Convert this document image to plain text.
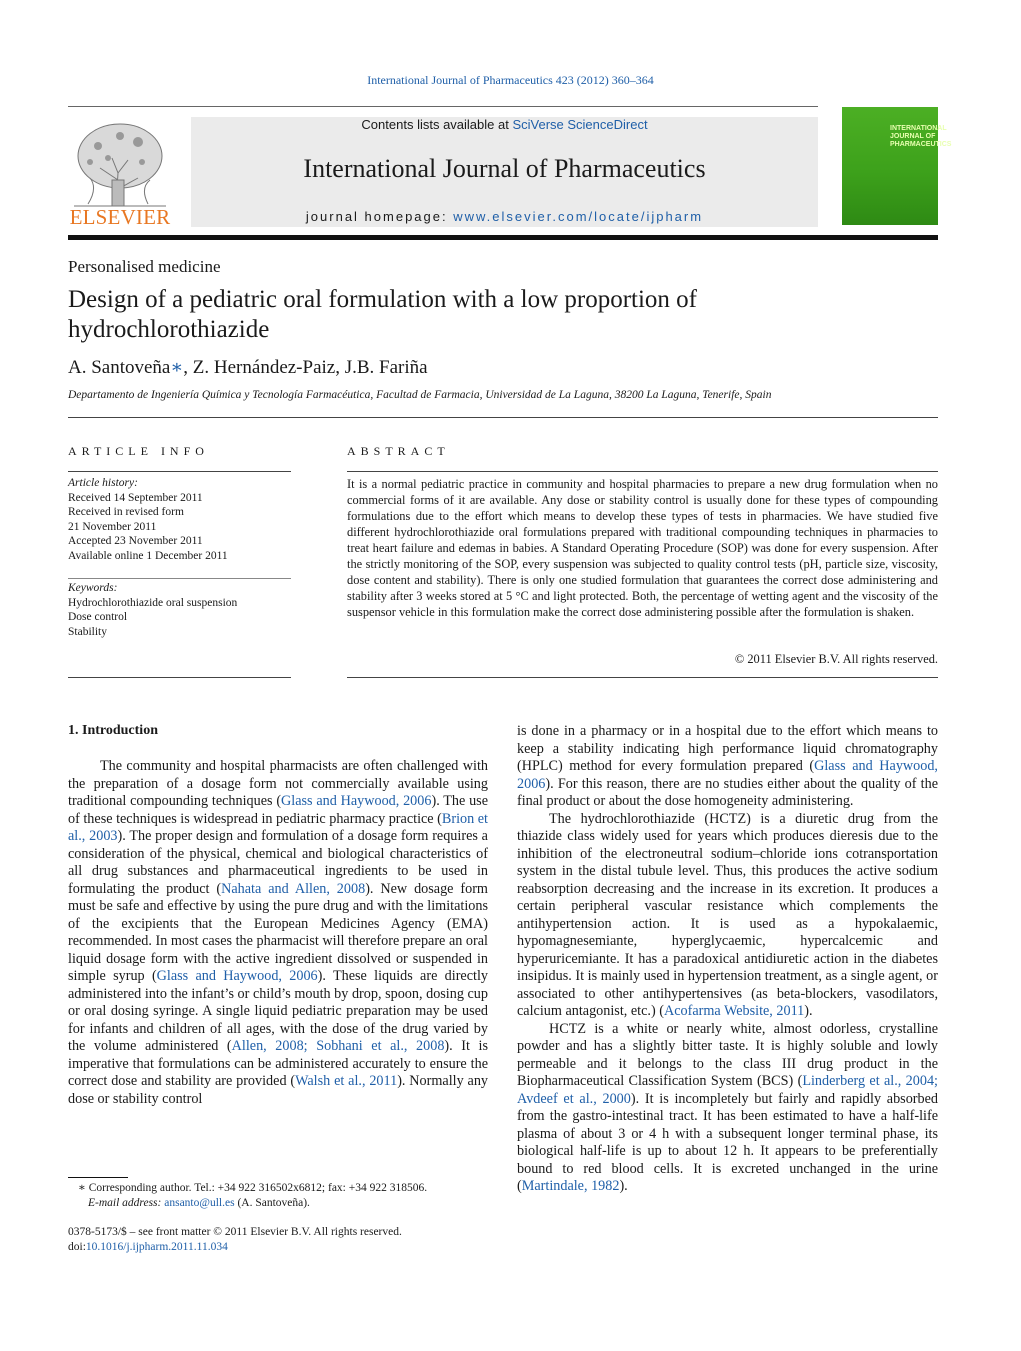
International Journal of Pharmaceutics 423 (2012) 360–364
ELSEVIER
Contents lists available at SciVerse ScienceDirect
International Journal of Pharmaceutics
journal homepage: www.elsevier.com/locate/ijpharm
INTERNATIONAL JOURNAL OF
PHARMACEUTICS
Personalised medicine
Design of a pediatric oral formulation with a low proportion of hydrochlorothiazide
A. Santoveña∗, Z. Hernández-Paiz, J.B. Fariña
Departamento de Ingeniería Química y Tecnología Farmacéutica, Facultad de Farmacia, Universidad de La Laguna, 38200 La Laguna, Tenerife, Spain
ARTICLE INFO	ABSTRACT
Article history:
Received 14 September 2011
Received in revised form
21 November 2011
Accepted 23 November 2011
Available online 1 December 2011
Keywords:
Hydrochlorothiazide oral suspension
Dose control
Stability
It is a normal pediatric practice in community and hospital pharmacies to prepare a new drug formulation when no commercial forms of it are available. Any dose or stability control is usually done for these types of compounding formulations due to the effort which means to develop these types of tests in pharmacies. We have studied five different hydrochlorothiazide oral formulations prepared with traditional compounding techniques in pharmacies to treat heart failure and edemas in babies. A Standard Operating Procedure (SOP) was done for every suspension. After the strictly monitoring of the SOP, every suspension was subjected to quality control tests (pH, particle size, viscosity, dose content and stability). There is only one studied formulation that guarantees the correct dose administering and stability after 3 weeks stored at 5 °C and light protected. Both, the percentage of wetting agent and the viscosity of the suspensor vehicle in this formulation make the correct dose administering possible after the formulation is shaken.
© 2011 Elsevier B.V. All rights reserved.
1. Introduction

The community and hospital pharmacists are often challenged with the preparation of a dosage form not commercially available using traditional compounding techniques (Glass and Haywood, 2006). The use of these techniques is widespread in pediatric pharmacy practice (Brion et al., 2003). The proper design and formulation of a dosage form requires a consideration of the physical, chemical and biological characteristics of all drug substances and pharmaceutical ingredients to be used in formulating the product (Nahata and Allen, 2008). New dosage form must be safe and effective by using the pure drug and with the limitations of the excipients that the European Medicines Agency (EMA) recommended. In most cases the pharmacist will therefore prepare an oral liquid dosage form with the active ingredient dissolved or suspended in simple syrup (Glass and Haywood, 2006). These liquids are directly administered into the infant’s or child’s mouth by drop, spoon, dosing cup or oral dosing syringe. A single liquid pediatric preparation may be used for infants and children of all ages, with the dose of the drug varied by the volume administered (Allen, 2008; Sobhani et al., 2008). It is imperative that formulations can be administered accurately to ensure the correct dose and stability are provided (Walsh et al., 2011). Normally any dose or stability control

is done in a pharmacy or in a hospital due to the effort which means to keep a stability indicating high performance liquid chromatography (HPLC) method for every formulation prepared (Glass and Haywood, 2006). For this reason, there are no studies either about the quality of the final product or about the dose homogeneity administering.

The hydrochlorothiazide (HCTZ) is a diuretic drug from the thiazide class widely used for years which produces dieresis due to the inhibition of the electroneutral sodium–chloride ions cotransportation system in the distal tubule level. Thus, this produces the active sodium reabsorption decreasing and the increase in its excretion. It produces a certain peripheral vascular resistance which complements the antihypertension action. It is used as a hypokalaemic, hypomagnesemiante, hyperglycaemic, hypercalcemic and hyperuricemiante. It has a paradoxical antidiuretic action in the diabetes insipidus. It is mainly used in hypertension treatment, as a single agent, or associated to other antihypertensives (as beta-blockers, vasodilators, calcium antagonist, etc.) (Acofarma Website, 2011).

HCTZ is a white or nearly white, almost odorless, crystalline powder and has a slightly bitter taste. It is highly soluble and lowly permeable and it belongs to the class III drug product in the Biopharmaceutical Classification System (BCS) (Linderberg et al., 2004; Avdeef et al., 2000). It is incompletely but fairly and rapidly absorbed from the gastro-intestinal tract. It has been estimated to have a half-life plasma of about 3 or 4 h with a subsequent longer terminal phase, its biological half-life is up to about 12 h. It appears to be preferentially bound to red blood cells. It is excreted unchanged in the urine (Martindale, 1982).

∗ Corresponding author. Tel.: +34 922 316502x6812; fax: +34 922 318506.
E-mail address: ansanto@ull.es (A. Santoveña).
0378-5173/$ – see front matter © 2011 Elsevier B.V. All rights reserved.
doi:10.1016/j.ijpharm.2011.11.034
